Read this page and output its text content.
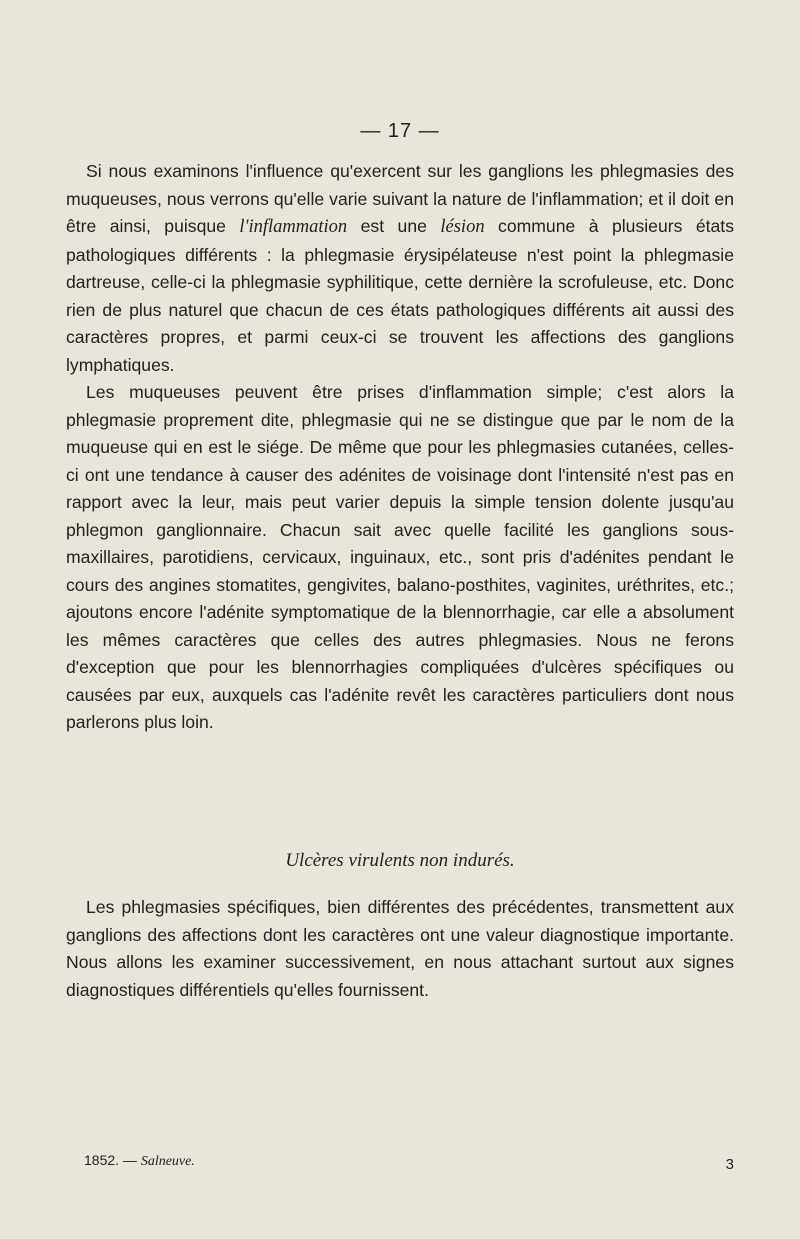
— 17 —

Si nous examinons l'influence qu'exercent sur les ganglions les phlegmasies des muqueuses, nous verrons qu'elle varie suivant la nature de l'inflammation; et il doit en être ainsi, puisque l'inflammation est une lésion commune à plusieurs états pathologiques différents : la phlegmasie érysipélateuse n'est point la phlegmasie dartreuse, celle-ci la phlegmasie syphilitique, cette dernière la scrofuleuse, etc. Donc rien de plus naturel que chacun de ces états pathologiques différents ait aussi des caractères propres, et parmi ceux-ci se trouvent les affections des ganglions lymphatiques.

Les muqueuses peuvent être prises d'inflammation simple; c'est alors la phlegmasie proprement dite, phlegmasie qui ne se distingue que par le nom de la muqueuse qui en est le siége. De même que pour les phlegmasies cutanées, celles-ci ont une tendance à causer des adénites de voisinage dont l'intensité n'est pas en rapport avec la leur, mais peut varier depuis la simple tension dolente jusqu'au phlegmon ganglionnaire. Chacun sait avec quelle facilité les ganglions sous-maxillaires, parotidiens, cervicaux, inguinaux, etc., sont pris d'adénites pendant le cours des angines stomatites, gengivites, balano-posthites, vaginites, uréthrites, etc.; ajoutons encore l'adénite symptomatique de la blennorrhagie, car elle a absolument les mêmes caractères que celles des autres phlegmasies. Nous ne ferons d'exception que pour les blennorrhagies compliquées d'ulcères spécifiques ou causées par eux, auxquels cas l'adénite revêt les caractères particuliers dont nous parlerons plus loin.

Ulcères virulents non indurés.

Les phlegmasies spécifiques, bien différentes des précédentes, transmettent aux ganglions des affections dont les caractères ont une valeur diagnostique importante. Nous allons les examiner successivement, en nous attachant surtout aux signes diagnostiques différentiels qu'elles fournissent.

1852. — Salneuve.	3
